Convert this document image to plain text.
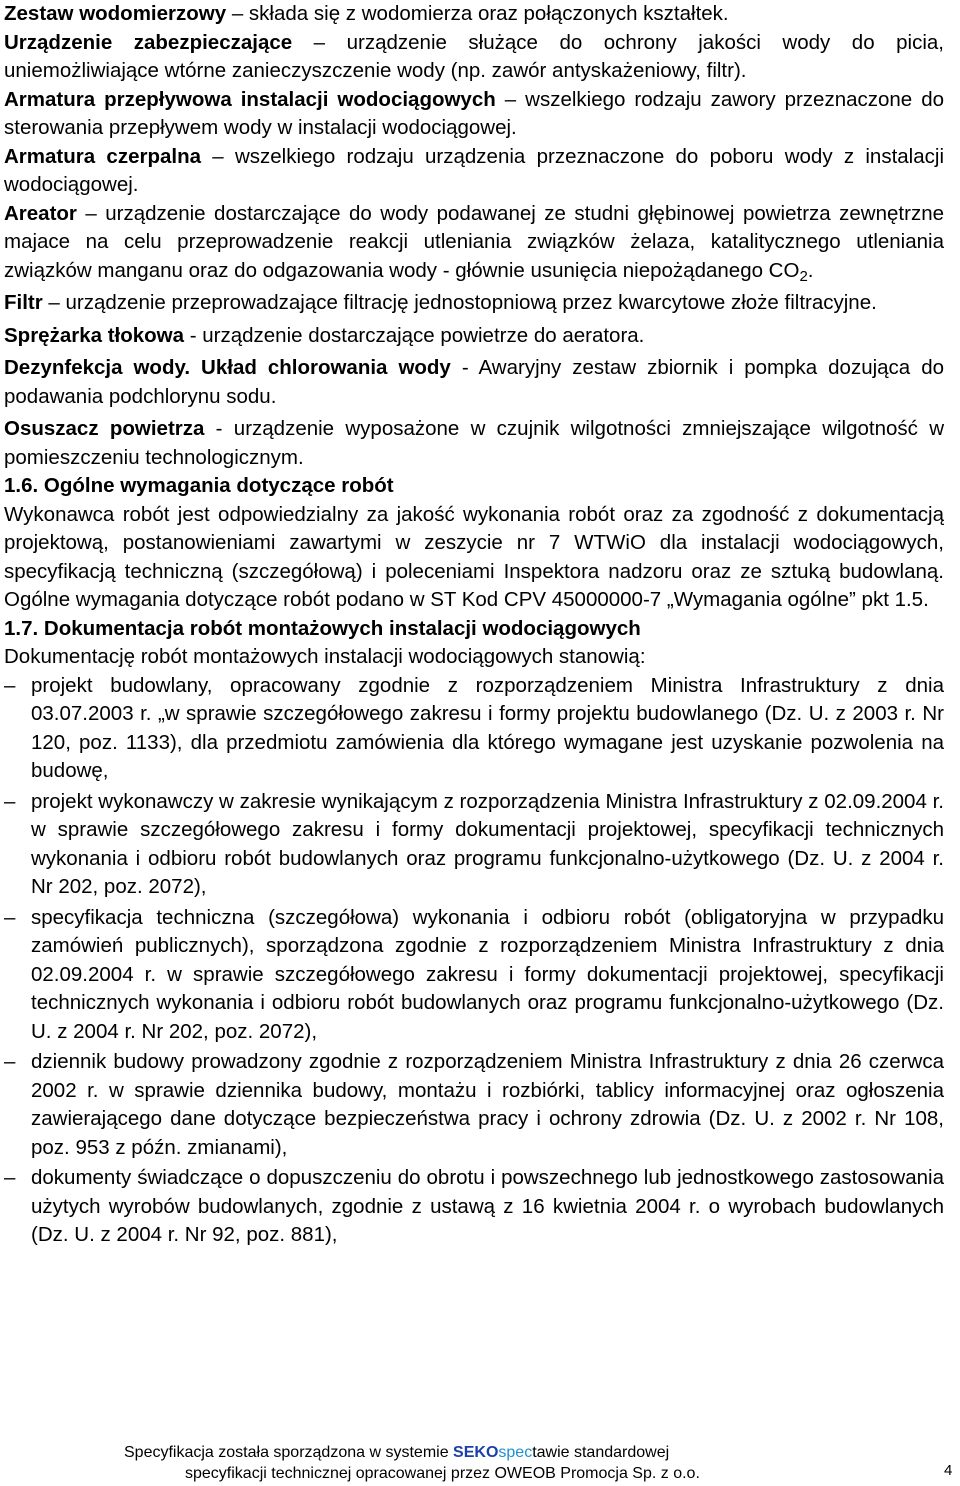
Zestaw wodomierzowy – składa się z wodomierza oraz połączonych kształtek.

Urządzenie zabezpieczające – urządzenie służące do ochrony jakości wody do picia, uniemożliwiające wtórne zanieczyszczenie wody (np. zawór antyskażeniowy, filtr).

Armatura przepływowa instalacji wodociągowych – wszelkiego rodzaju zawory przeznaczone do sterowania przepływem wody w instalacji wodociągowej.

Armatura czerpalna – wszelkiego rodzaju urządzenia przeznaczone do poboru wody z instalacji wodociągowej.

Areator – urządzenie dostarczające do wody podawanej ze studni głębinowej powietrza zewnętrzne majace na celu przeprowadzenie reakcji utleniania związków żelaza, katalitycznego utleniania związków manganu oraz do odgazowania wody - głównie usunięcia niepożądanego $CO_2$.

Filtr – urządzenie przeprowadzające filtrację jednostopniową przez kwarcytowe złoże filtracyjne.

Sprężarka tłokowa - urządzenie dostarczające powietrze do aeratora.

Dezynfekcja wody. Układ chlorowania wody - Awaryjny zestaw zbiornik i pompka dozująca do podawania podchlorynu sodu.

Osuszacz powietrza - urządzenie wyposażone w czujnik wilgotności zmniejszające wilgotność w pomieszczeniu technologicznym.

1.6. Ogólne wymagania dotyczące robót

Wykonawca robót jest odpowiedzialny za jakość wykonania robót oraz za zgodność z dokumentacją projektową, postanowieniami zawartymi w zeszycie nr 7 WTWiO dla instalacji wodociągowych, specyfikacją techniczną (szczegółową) i poleceniami Inspektora nadzoru oraz ze sztuką budowlaną. Ogólne wymagania dotyczące robót podano w ST Kod CPV 45000000-7 „Wymagania ogólne” pkt 1.5.

1.7. Dokumentacja robót montażowych instalacji wodociągowych

Dokumentację robót montażowych instalacji wodociągowych stanowią:

– projekt budowlany, opracowany zgodnie z rozporządzeniem Ministra Infrastruktury z dnia 03.07.2003 r. „w sprawie szczegółowego zakresu i formy projektu budowlanego (Dz. U. z 2003 r. Nr 120, poz. 1133), dla przedmiotu zamówienia dla którego wymagane jest uzyskanie pozwolenia na budowę,
– projekt wykonawczy w zakresie wynikającym z rozporządzenia Ministra Infrastruktury z 02.09.2004 r. w sprawie szczegółowego zakresu i formy dokumentacji projektowej, specyfikacji technicznych wykonania i odbioru robót budowlanych oraz programu funkcjonalno-użytkowego (Dz. U. z 2004 r. Nr 202, poz. 2072),
– specyfikacja techniczna (szczegółowa) wykonania i odbioru robót (obligatoryjna w przypadku zamówień publicznych), sporządzona zgodnie z rozporządzeniem Ministra Infrastruktury z dnia 02.09.2004 r. w sprawie szczegółowego zakresu i formy dokumentacji projektowej, specyfikacji technicznych wykonania i odbioru robót budowlanych oraz programu funkcjonalno-użytkowego (Dz. U. z 2004 r. Nr 202, poz. 2072),
– dziennik budowy prowadzony zgodnie z rozporządzeniem Ministra Infrastruktury z dnia 26 czerwca 2002 r. w sprawie dziennika budowy, montażu i rozbiórki, tablicy informacyjnej oraz ogłoszenia zawierającego dane dotyczące bezpieczeństwa pracy i ochrony zdrowia (Dz. U. z 2002 r. Nr 108, poz. 953 z późn. zmianami),
– dokumenty świadczące o dopuszczeniu do obrotu i powszechnego lub jednostkowego zastosowania użytych wyrobów budowlanych, zgodnie z ustawą z 16 kwietnia 2004 r. o wyrobach budowlanych (Dz. U. z 2004 r. Nr 92, poz. 881),
Specyfikacja została sporządzona w systemie SEKOspectawie standardowej
specyfikacji technicznej opracowanej przez OWEOB Promocja Sp. z o.o.	4
